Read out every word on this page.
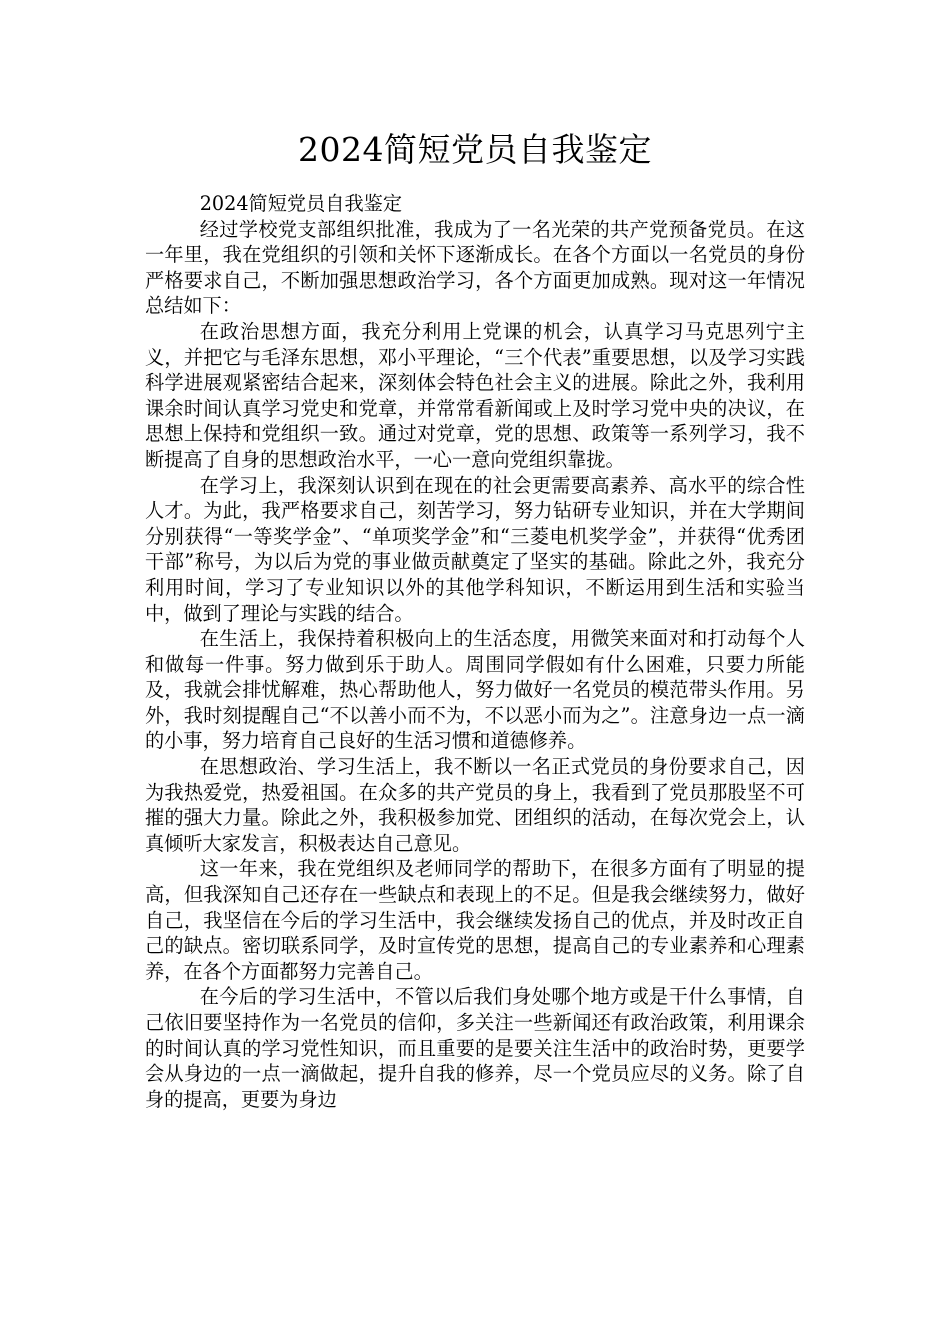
2024简短党员自我鉴定

2024简短党员自我鉴定

经过学校党支部组织批准，我成为了一名光荣的共产党预备党员。在这一年里，我在党组织的引领和关怀下逐渐成长。在各个方面以一名党员的身份严格要求自己，不断加强思想政治学习，各个方面更加成熟。现对这一年情况总结如下：

在政治思想方面，我充分利用上党课的机会，认真学习马克思列宁主义，并把它与毛泽东思想，邓小平理论，“三个代表”重要思想，以及学习实践科学进展观紧密结合起来，深刻体会特色社会主义的进展。除此之外，我利用课余时间认真学习党史和党章，并常常看新闻或上及时学习党中央的决议，在思想上保持和党组织一致。通过对党章，党的思想、政策等一系列学习，我不断提高了自身的思想政治水平，一心一意向党组织靠拢。

在学习上，我深刻认识到在现在的社会更需要高素养、高水平的综合性人才。为此，我严格要求自己，刻苦学习，努力钻研专业知识，并在大学期间分别获得“一等奖学金”、“单项奖学金”和“三菱电机奖学金”，并获得“优秀团干部”称号，为以后为党的事业做贡献奠定了坚实的基础。除此之外，我充分利用时间，学习了专业知识以外的其他学科知识，不断运用到生活和实验当中，做到了理论与实践的结合。

在生活上，我保持着积极向上的生活态度，用微笑来面对和打动每个人和做每一件事。努力做到乐于助人。周围同学假如有什么困难，只要力所能及，我就会排忧解难，热心帮助他人，努力做好一名党员的模范带头作用。另外，我时刻提醒自己“不以善小而不为，不以恶小而为之”。注意身边一点一滴的小事，努力培育自己良好的生活习惯和道德修养。

在思想政治、学习生活上，我不断以一名正式党员的身份要求自己，因为我热爱党，热爱祖国。在众多的共产党员的身上，我看到了党员那股坚不可摧的强大力量。除此之外，我积极参加党、团组织的活动，在每次党会上，认真倾听大家发言，积极表达自己意见。

这一年来，我在党组织及老师同学的帮助下，在很多方面有了明显的提高，但我深知自己还存在一些缺点和表现上的不足。但是我会继续努力，做好自己，我坚信在今后的学习生活中，我会继续发扬自己的优点，并及时改正自己的缺点。密切联系同学，及时宣传党的思想，提高自己的专业素养和心理素养，在各个方面都努力完善自己。

在今后的学习生活中，不管以后我们身处哪个地方或是干什么事情，自己依旧要坚持作为一名党员的信仰，多关注一些新闻还有政治政策，利用课余的时间认真的学习党性知识，而且重要的是要关注生活中的政治时势，更要学会从身边的一点一滴做起，提升自我的修养，尽一个党员应尽的义务。除了自身的提高，更要为身边
